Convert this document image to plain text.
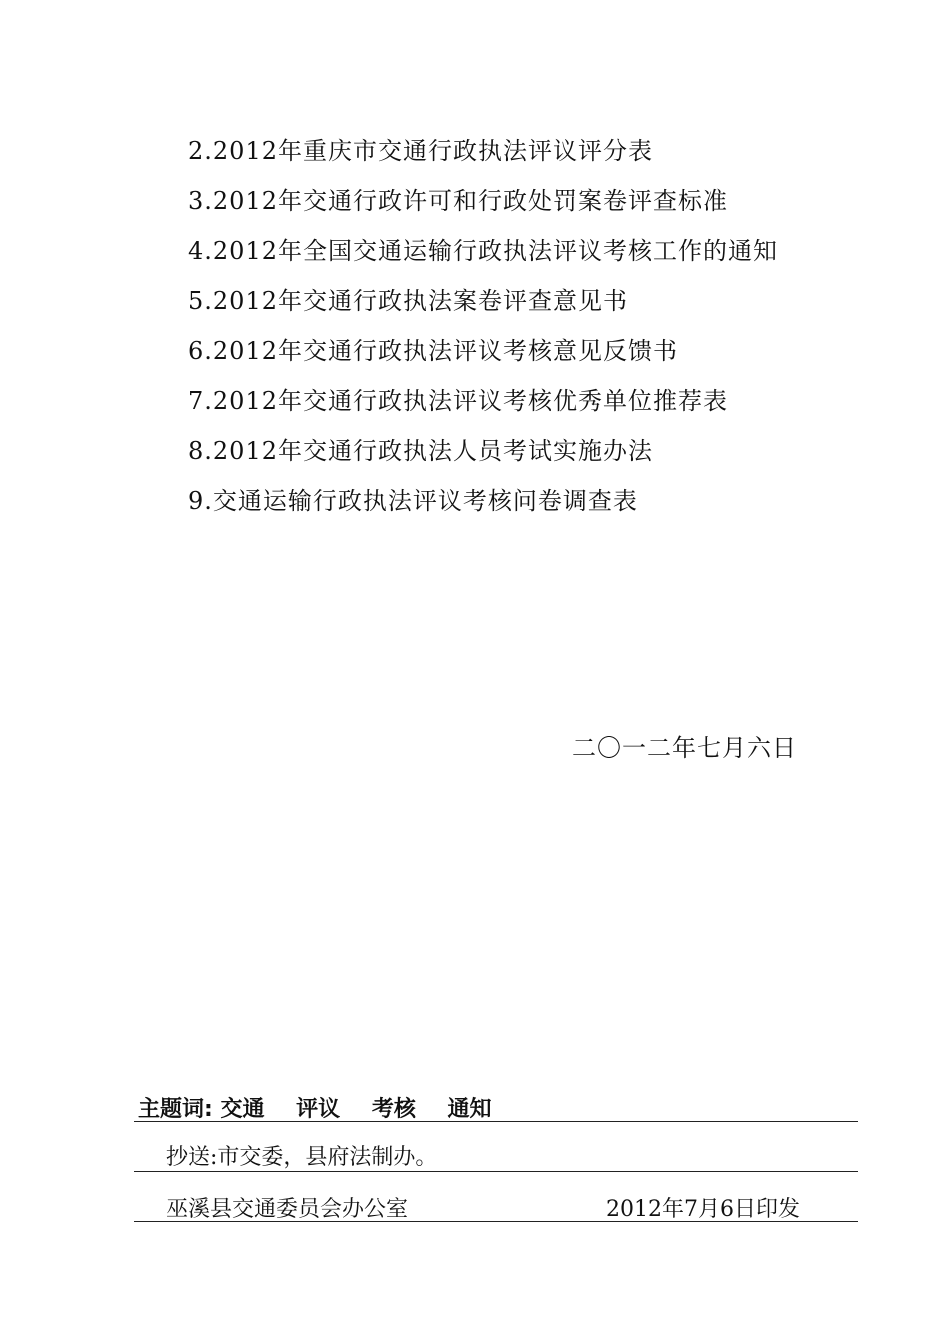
2.2012年重庆市交通行政执法评议评分表
3.2012年交通行政许可和行政处罚案卷评查标准
4.2012年全国交通运输行政执法评议考核工作的通知
5.2012年交通行政执法案卷评查意见书
6.2012年交通行政执法评议考核意见反馈书
7.2012年交通行政执法评议考核优秀单位推荐表
8.2012年交通行政执法人员考试实施办法
9.交通运输行政执法评议考核问卷调查表
二〇一二年七月六日
主题词: 交通 评议 考核 通知
抄送:市交委，县府法制办。
巫溪县交通委员会办公室	2012年7月6日印发
